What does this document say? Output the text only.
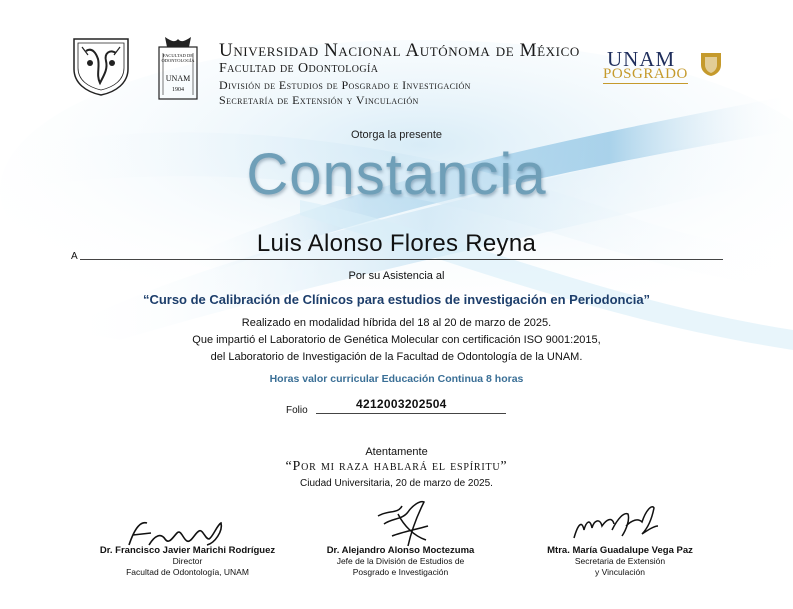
FACULTAD DE ODONTOLOGÍA
UNAM
1904
Universidad Nacional Autónoma de México
Facultad de Odontología
División de Estudios de Posgrado e Investigación
Secretaría de Extensión y Vinculación
UNAM
POSGRADO
Otorga la presente
Constancia
Luis Alonso Flores Reyna
A
Por su Asistencia al
“Curso de Calibración de Clínicos para estudios de investigación en Periodoncia”
Realizado en modalidad híbrida del 18 al 20 de marzo de 2025.
Que impartió el Laboratorio de Genética Molecular con certificación ISO 9001:2015,
del Laboratorio de Investigación de la Facultad de Odontología de la UNAM.
Horas valor curricular Educación Continua 8 horas
Folio	4212003202504
Atentamente
“Por mi raza hablará el espíritu”
Ciudad Universitaria, 20 de marzo de 2025.
Dr. Francisco Javier Marichi Rodríguez
Director
Facultad de Odontología, UNAM
Dr. Alejandro Alonso Moctezuma
Jefe de la División de Estudios de
Posgrado e Investigación
Mtra. María Guadalupe Vega Paz
Secretaria de Extensión
y Vinculación
